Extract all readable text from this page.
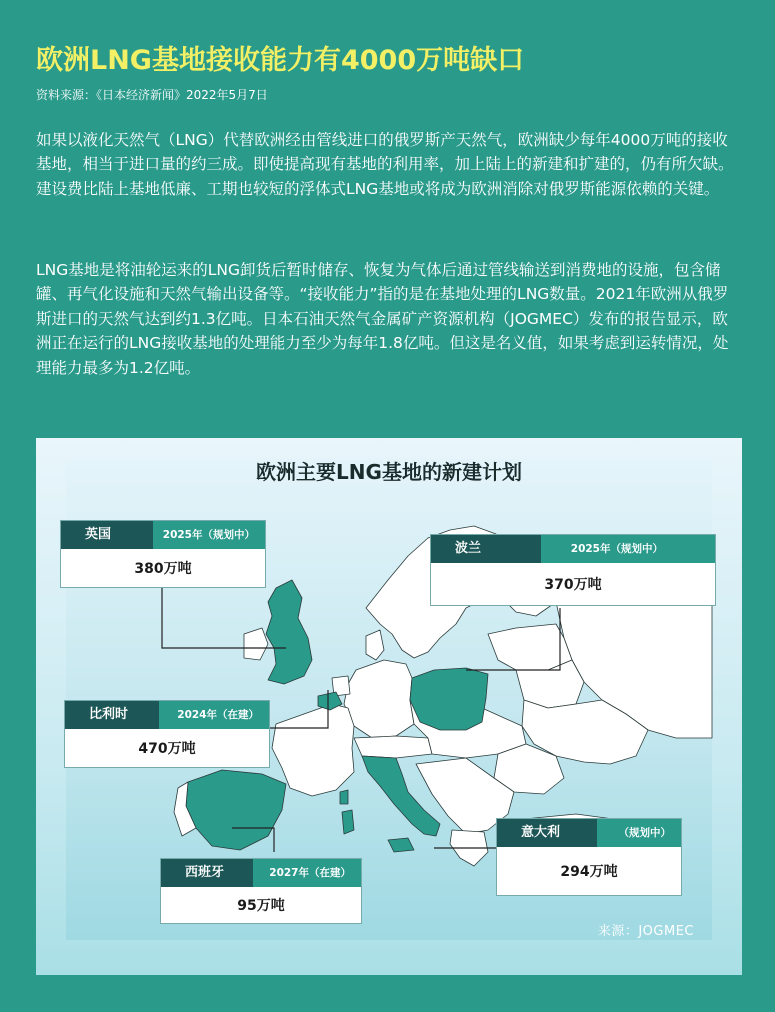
欧洲LNG基地接收能力有4000万吨缺口
资料来源：《日本经济新闻》2022年5月7日
如果以液化天然气（LNG）代替欧洲经由管线进口的俄罗斯产天然气，欧洲缺少每年4000万吨的接收基地，相当于进口量的约三成。即使提高现有基地的利用率，加上陆上的新建和扩建的，仍有所欠缺。建设费比陆上基地低廉、工期也较短的浮体式LNG基地或将成为欧洲消除对俄罗斯能源依赖的关键。
LNG基地是将油轮运来的LNG卸货后暂时储存、恢复为气体后通过管线输送到消费地的设施，包含储罐、再气化设施和天然气输出设备等。“接收能力”指的是在基地处理的LNG数量。2021年欧洲从俄罗斯进口的天然气达到约1.3亿吨。日本石油天然气金属矿产资源机构（JOGMEC）发布的报告显示，欧洲正在运行的LNG接收基地的处理能力至少为每年1.8亿吨。但这是名义值，如果考虑到运转情况，处理能力最多为1.2亿吨。
欧洲主要LNG基地的新建计划
英国	2025年（规划中）
380万吨
波兰	2025年（规划中）
370万吨
比利时	2024年（在建）
470万吨
意大利	（规划中）
294万吨
西班牙	2027年（在建）
95万吨
来源：JOGMEC
